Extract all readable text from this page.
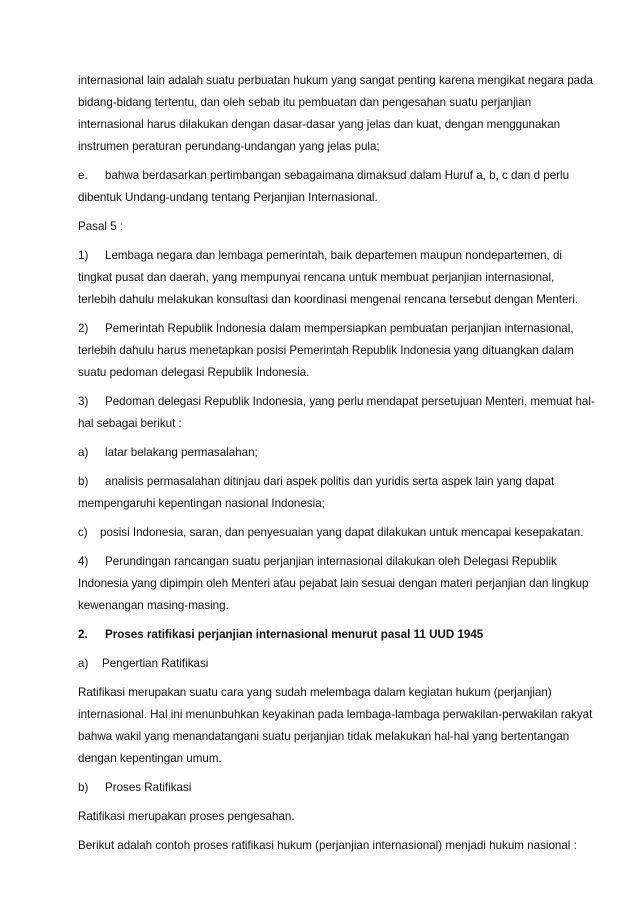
internasional lain adalah suatu perbuatan hukum yang sangat penting karena mengikat negara pada
bidang-bidang tertentu, dan oleh sebab itu pembuatan dan pengesahan suatu perjanjian
internasional harus dilakukan dengan dasar-dasar yang jelas dan kuat, dengan menggunakan
instrumen peraturan perundang-undangan yang jelas pula;
e. bahwa berdasarkan pertimbangan sebagaimana dimaksud dalam Huruf a, b, c dan d perlu
dibentuk Undang-undang tentang Perjanjian Internasional.
Pasal 5 :
1) Lembaga negara dan lembaga pemerintah, baik departemen maupun nondepartemen, di
tingkat pusat dan daerah, yang mempunyai rencana untuk membuat perjanjian internasional,
terlebih dahulu melakukan konsultasi dan koordinasi mengenai rencana tersebut dengan Menteri.
2) Pemerintah Republik Indonesia dalam mempersiapkan pembuatan perjanjian internasional,
terlebih dahulu harus menetapkan posisi Pemerintah Republik Indonesia yang dituangkan dalam
suatu pedoman delegasi Republik Indonesia.
3) Pedoman delegasi Republik Indonesia, yang perlu mendapat persetujuan Menteri, memuat hal-
hal sebagai berikut :
a) latar belakang permasalahan;
b) analisis permasalahan ditinjau dari aspek politis dan yuridis serta aspek lain yang dapat
mempengaruhi kepentingan nasional Indonesia;
c) posisi Indonesia, saran, dan penyesuaian yang dapat dilakukan untuk mencapai kesepakatan.
4) Perundingan rancangan suatu perjanjian internasional dilakukan oleh Delegasi Republik
Indonesia yang dipimpin oleh Menteri atau pejabat lain sesuai dengan materi perjanjian dan lingkup
kewenangan masing-masing.
2. Proses ratifikasi perjanjian internasional menurut pasal 11 UUD 1945
a) Pengertian Ratifikasi
Ratifikasi merupakan suatu cara yang sudah melembaga dalam kegiatan hukum (perjanjian)
internasional. Hal ini menunbuhkan keyakinan pada lembaga-lambaga perwakilan-perwakilan rakyat
bahwa wakil yang menandatangani suatu perjanjian tidak melakukan hal-hal yang bertentangan
dengan kepentingan umum.
b) Proses Ratifikasi
Ratifikasi merupakan proses pengesahan.
Berikut adalah contoh proses ratifikasi hukum (perjanjian internasional) menjadi hukum nasional :
